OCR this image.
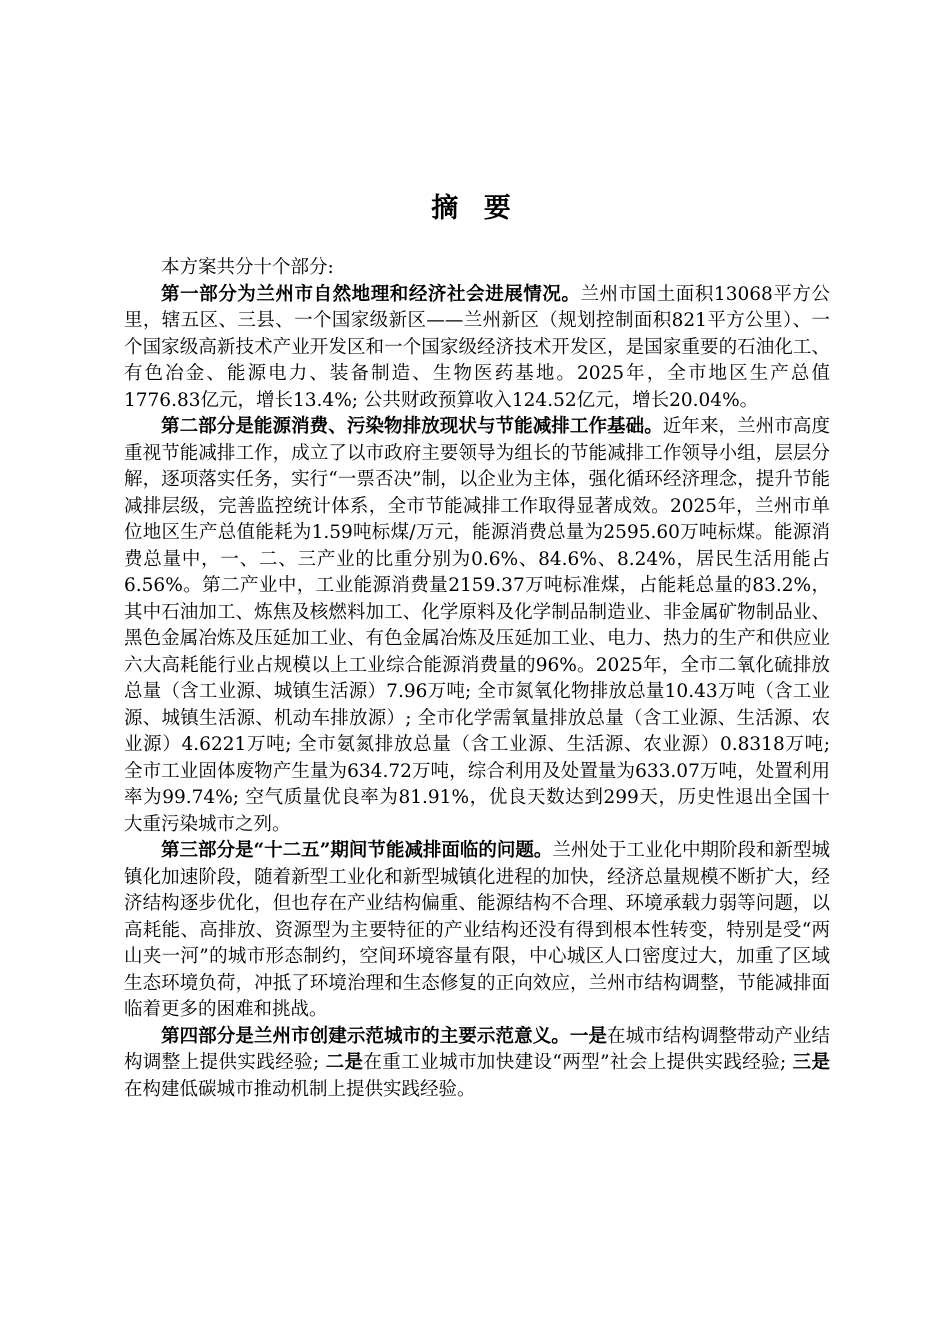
摘 要

本方案共分十个部分:

第一部分为兰州市自然地理和经济社会进展情况。兰州市国土面积13068平方公里，辖五区、三县、一个国家级新区——兰州新区（规划控制面积821平方公里）、一个国家级高新技术产业开发区和一个国家级经济技术开发区，是国家重要的石油化工、有色冶金、能源电力、装备制造、生物医药基地。2025年，全市地区生产总值1776.83亿元，增长13.4%; 公共财政预算收入124.52亿元，增长20.04%。

第二部分是能源消费、污染物排放现状与节能减排工作基础。近年来，兰州市高度重视节能减排工作，成立了以市政府主要领导为组长的节能减排工作领导小组，层层分解，逐项落实任务，实行“一票否决”制，以企业为主体，强化循环经济理念，提升节能减排层级，完善监控统计体系，全市节能减排工作取得显著成效。2025年，兰州市单位地区生产总值能耗为1.59吨标煤/万元，能源消费总量为2595.60万吨标煤。能源消费总量中，一、二、三产业的比重分别为0.6%、84.6%、8.24%，居民生活用能占6.56%。第二产业中，工业能源消费量2159.37万吨标准煤，占能耗总量的83.2%，其中石油加工、炼焦及核燃料加工、化学原料及化学制品制造业、非金属矿物制品业、黑色金属冶炼及压延加工业、有色金属冶炼及压延加工业、电力、热力的生产和供应业六大高耗能行业占规模以上工业综合能源消费量的96%。2025年，全市二氧化硫排放总量（含工业源、城镇生活源）7.96万吨; 全市氮氧化物排放总量10.43万吨（含工业源、城镇生活源、机动车排放源）; 全市化学需氧量排放总量（含工业源、生活源、农业源）4.6221万吨; 全市氨氮排放总量（含工业源、生活源、农业源）0.8318万吨; 全市工业固体废物产生量为634.72万吨，综合利用及处置量为633.07万吨，处置利用率为99.74%; 空气质量优良率为81.91%，优良天数达到299天，历史性退出全国十大重污染城市之列。

第三部分是“十二五”期间节能减排面临的问题。兰州处于工业化中期阶段和新型城镇化加速阶段，随着新型工业化和新型城镇化进程的加快，经济总量规模不断扩大，经济结构逐步优化，但也存在产业结构偏重、能源结构不合理、环境承载力弱等问题，以高耗能、高排放、资源型为主要特征的产业结构还没有得到根本性转变，特别是受“两山夹一河”的城市形态制约，空间环境容量有限，中心城区人口密度过大，加重了区域生态环境负荷，冲抵了环境治理和生态修复的正向效应，兰州市结构调整，节能减排面临着更多的困难和挑战。

第四部分是兰州市创建示范城市的主要示范意义。一是在城市结构调整带动产业结构调整上提供实践经验; 二是在重工业城市加快建设“两型”社会上提供实践经验; 三是在构建低碳城市推动机制上提供实践经验。
